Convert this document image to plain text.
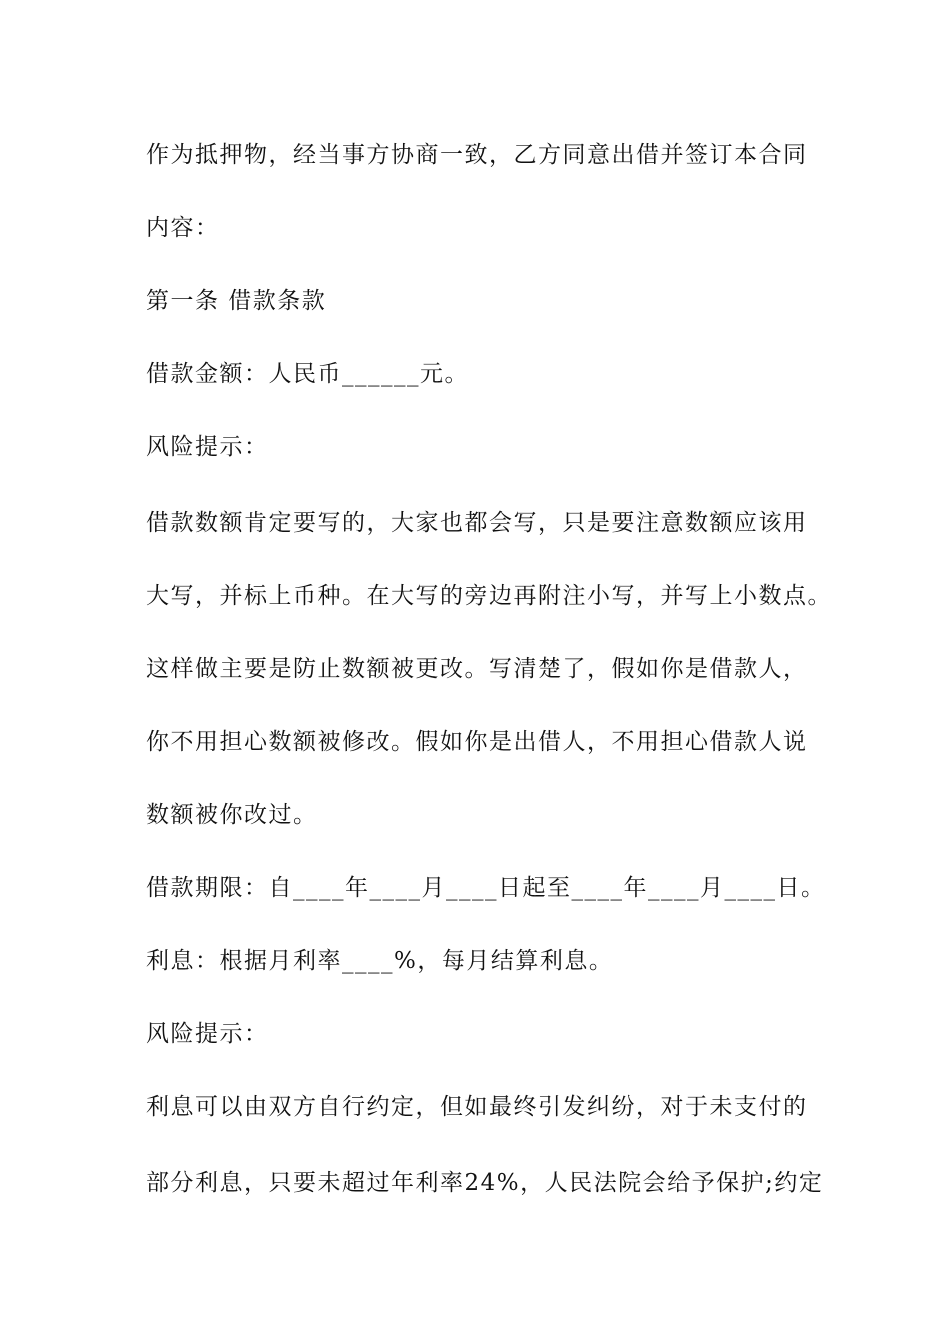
作为抵押物，经当事方协商一致，乙方同意出借并签订本合同

内容：

第一条 借款条款

借款金额：人民币______元。

风险提示：

借款数额肯定要写的，大家也都会写，只是要注意数额应该用

大写，并标上币种。在大写的旁边再附注小写，并写上小数点。

这样做主要是防止数额被更改。写清楚了，假如你是借款人，

你不用担心数额被修改。假如你是出借人，不用担心借款人说

数额被你改过。

借款期限：自____年____月____日起至____年____月____日。

利息：根据月利率____%，每月结算利息。

风险提示：

利息可以由双方自行约定，但如最终引发纠纷，对于未支付的

部分利息，只要未超过年利率24%，人民法院会给予保护;约定
